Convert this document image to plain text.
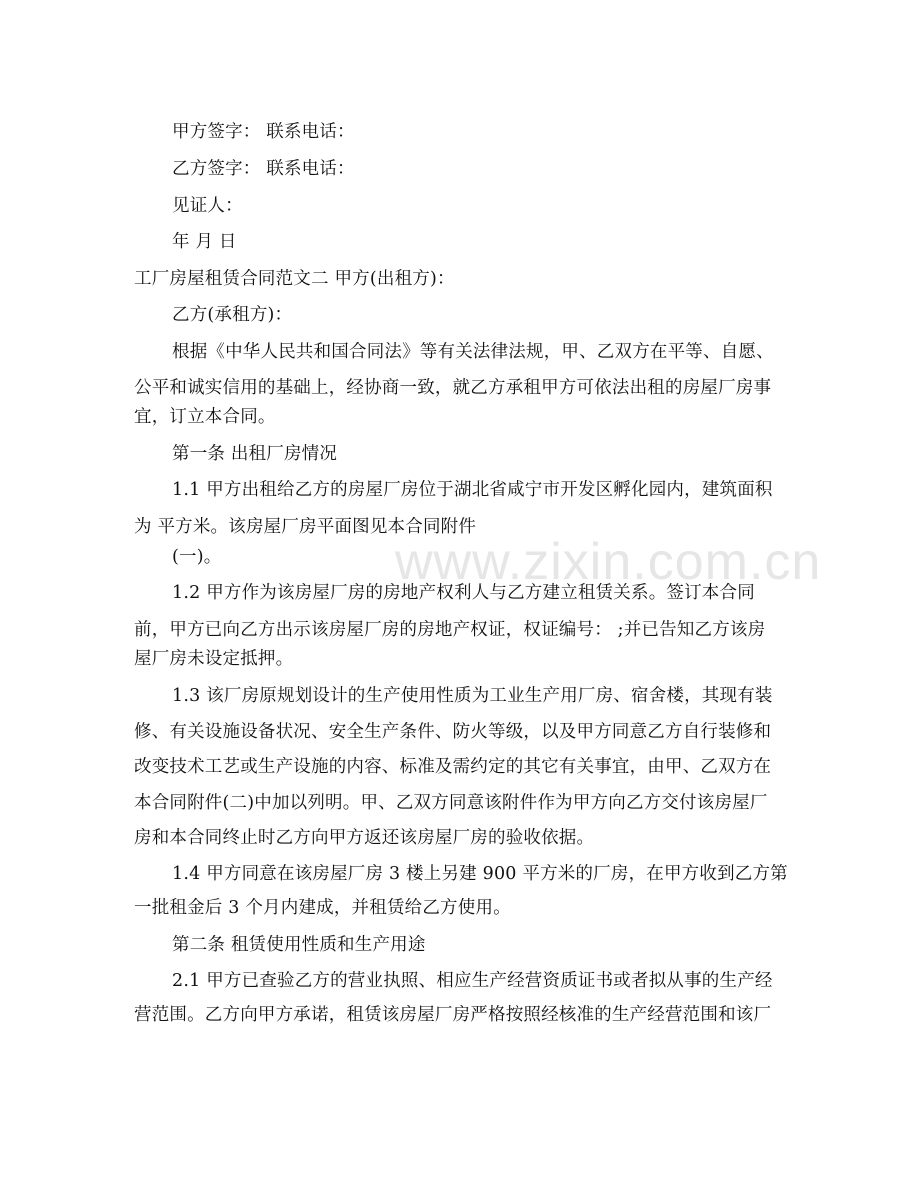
www.zixin.com.cn
甲方签字： 联系电话：
乙方签字： 联系电话：
见证人：
年 月 日
工厂房屋租赁合同范文二 甲方(出租方)：
乙方(承租方)：
根据《中华人民共和国合同法》等有关法律法规，甲、乙双方在平等、自愿、
公平和诚实信用的基础上，经协商一致，就乙方承租甲方可依法出租的房屋厂房事
宜，订立本合同。
第一条 出租厂房情况
1.1 甲方出租给乙方的房屋厂房位于湖北省咸宁市开发区孵化园内，建筑面积
为 平方米。该房屋厂房平面图见本合同附件
(一)。
1.2 甲方作为该房屋厂房的房地产权利人与乙方建立租赁关系。签订本合同
前，甲方已向乙方出示该房屋厂房的房地产权证，权证编号： ;并已告知乙方该房
屋厂房未设定抵押。
1.3 该厂房原规划设计的生产使用性质为工业生产用厂房、宿舍楼，其现有装
修、有关设施设备状况、安全生产条件、防火等级，以及甲方同意乙方自行装修和
改变技术工艺或生产设施的内容、标准及需约定的其它有关事宜，由甲、乙双方在
本合同附件(二)中加以列明。甲、乙双方同意该附件作为甲方向乙方交付该房屋厂
房和本合同终止时乙方向甲方返还该房屋厂房的验收依据。
1.4 甲方同意在该房屋厂房 3 楼上另建 900 平方米的厂房，在甲方收到乙方第
一批租金后 3 个月内建成，并租赁给乙方使用。
第二条 租赁使用性质和生产用途
2.1 甲方已查验乙方的营业执照、相应生产经营资质证书或者拟从事的生产经
营范围。乙方向甲方承诺，租赁该房屋厂房严格按照经核准的生产经营范围和该厂
